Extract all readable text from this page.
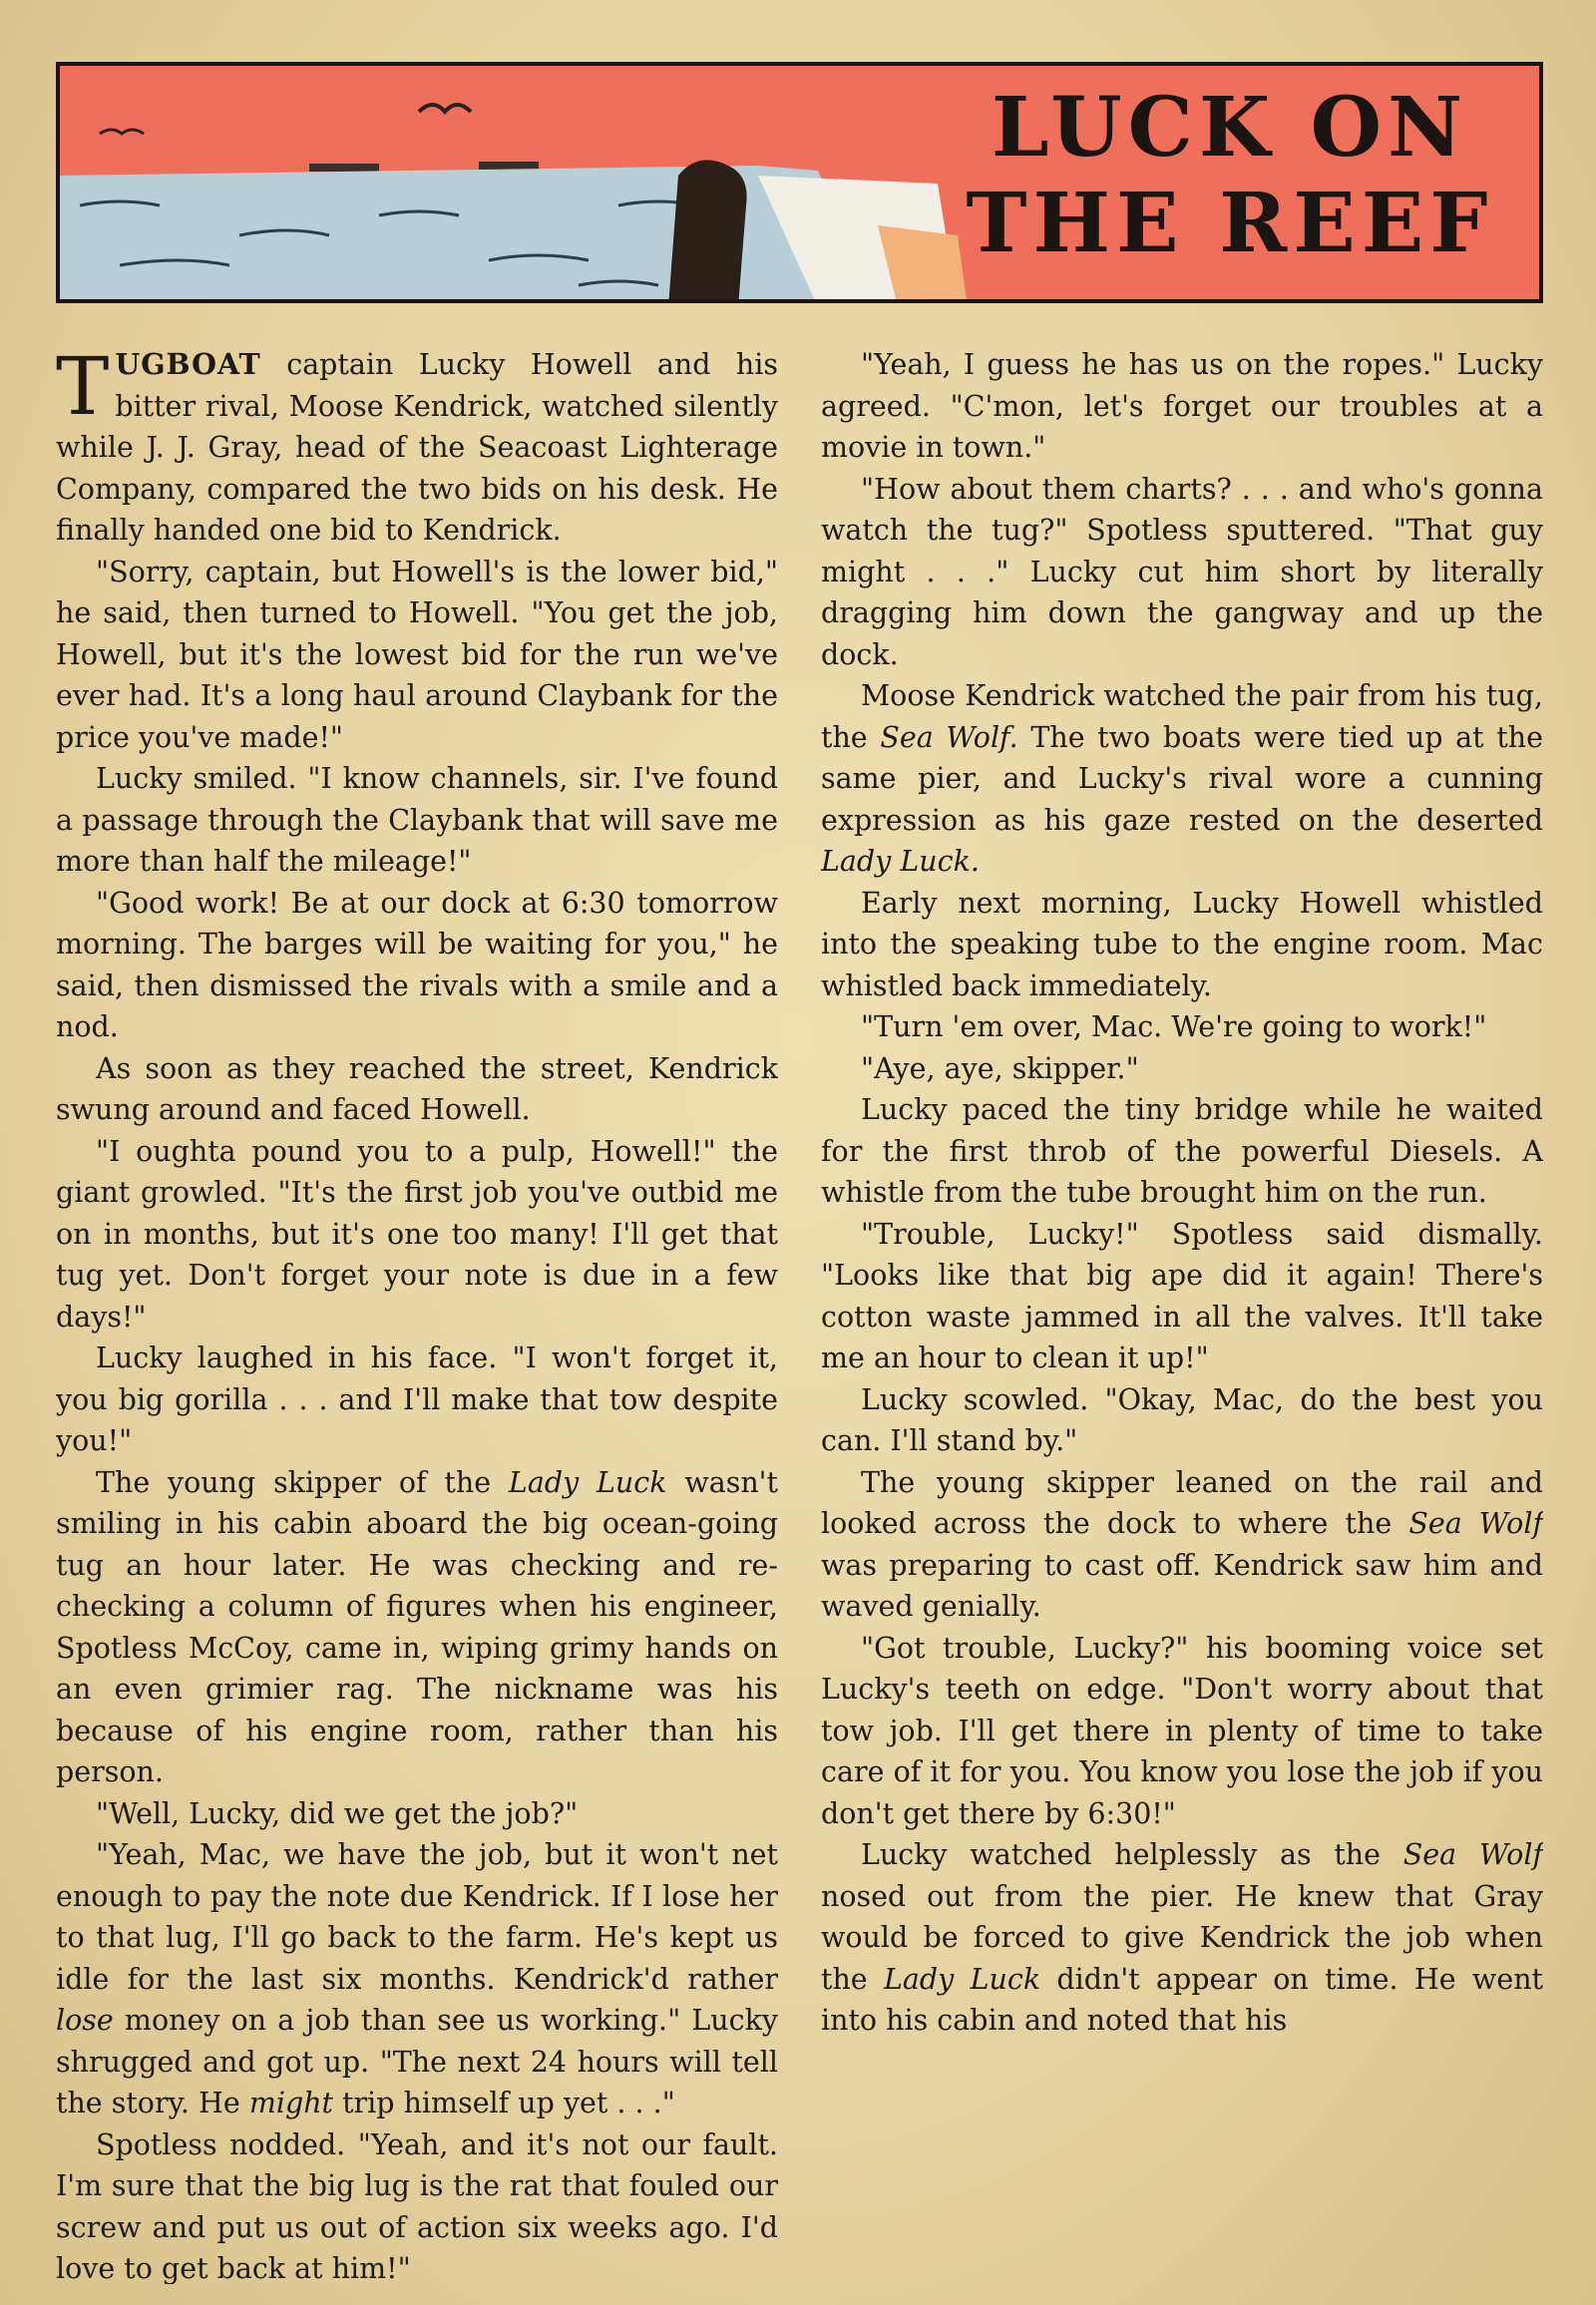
LUCK ON
THE REEF

TUGBOAT captain Lucky Howell and his bitter rival, Moose Kendrick, watched silently while J. J. Gray, head of the Seacoast Lighterage Company, compared the two bids on his desk. He finally handed one bid to Kendrick.

"Sorry, captain, but Howell's is the lower bid," he said, then turned to Howell. "You get the job, Howell, but it's the lowest bid for the run we've ever had. It's a long haul around Claybank for the price you've made!"

Lucky smiled. "I know channels, sir. I've found a passage through the Claybank that will save me more than half the mileage!"

"Good work! Be at our dock at 6:30 tomorrow morning. The barges will be waiting for you," he said, then dismissed the rivals with a smile and a nod.

As soon as they reached the street, Kendrick swung around and faced Howell.

"I oughta pound you to a pulp, Howell!" the giant growled. "It's the first job you've outbid me on in months, but it's one too many! I'll get that tug yet. Don't forget your note is due in a few days!"

Lucky laughed in his face. "I won't forget it, you big gorilla . . . and I'll make that tow despite you!"

The young skipper of the Lady Luck wasn't smiling in his cabin aboard the big ocean-going tug an hour later. He was checking and re-checking a column of figures when his engineer, Spotless McCoy, came in, wiping grimy hands on an even grimier rag. The nickname was his because of his engine room, rather than his person.

"Well, Lucky, did we get the job?"

"Yeah, Mac, we have the job, but it won't net enough to pay the note due Kendrick. If I lose her to that lug, I'll go back to the farm. He's kept us idle for the last six months. Kendrick'd rather lose money on a job than see us working." Lucky shrugged and got up. "The next 24 hours will tell the story. He might trip himself up yet . . ."

Spotless nodded. "Yeah, and it's not our fault. I'm sure that the big lug is the rat that fouled our screw and put us out of action six weeks ago. I'd love to get back at him!"

"Yeah, I guess he has us on the ropes." Lucky agreed. "C'mon, let's forget our troubles at a movie in town."

"How about them charts? . . . and who's gonna watch the tug?" Spotless sputtered. "That guy might . . ." Lucky cut him short by literally dragging him down the gangway and up the dock.

Moose Kendrick watched the pair from his tug, the Sea Wolf. The two boats were tied up at the same pier, and Lucky's rival wore a cunning expression as his gaze rested on the deserted Lady Luck.

Early next morning, Lucky Howell whistled into the speaking tube to the engine room. Mac whistled back immediately.

"Turn 'em over, Mac. We're going to work!"

"Aye, aye, skipper."

Lucky paced the tiny bridge while he waited for the first throb of the powerful Diesels. A whistle from the tube brought him on the run.

"Trouble, Lucky!" Spotless said dismally. "Looks like that big ape did it again! There's cotton waste jammed in all the valves. It'll take me an hour to clean it up!"

Lucky scowled. "Okay, Mac, do the best you can. I'll stand by."

The young skipper leaned on the rail and looked across the dock to where the Sea Wolf was preparing to cast off. Kendrick saw him and waved genially.

"Got trouble, Lucky?" his booming voice set Lucky's teeth on edge. "Don't worry about that tow job. I'll get there in plenty of time to take care of it for you. You know you lose the job if you don't get there by 6:30!"

Lucky watched helplessly as the Sea Wolf nosed out from the pier. He knew that Gray would be forced to give Kendrick the job when the Lady Luck didn't appear on time. He went into his cabin and noted that his
